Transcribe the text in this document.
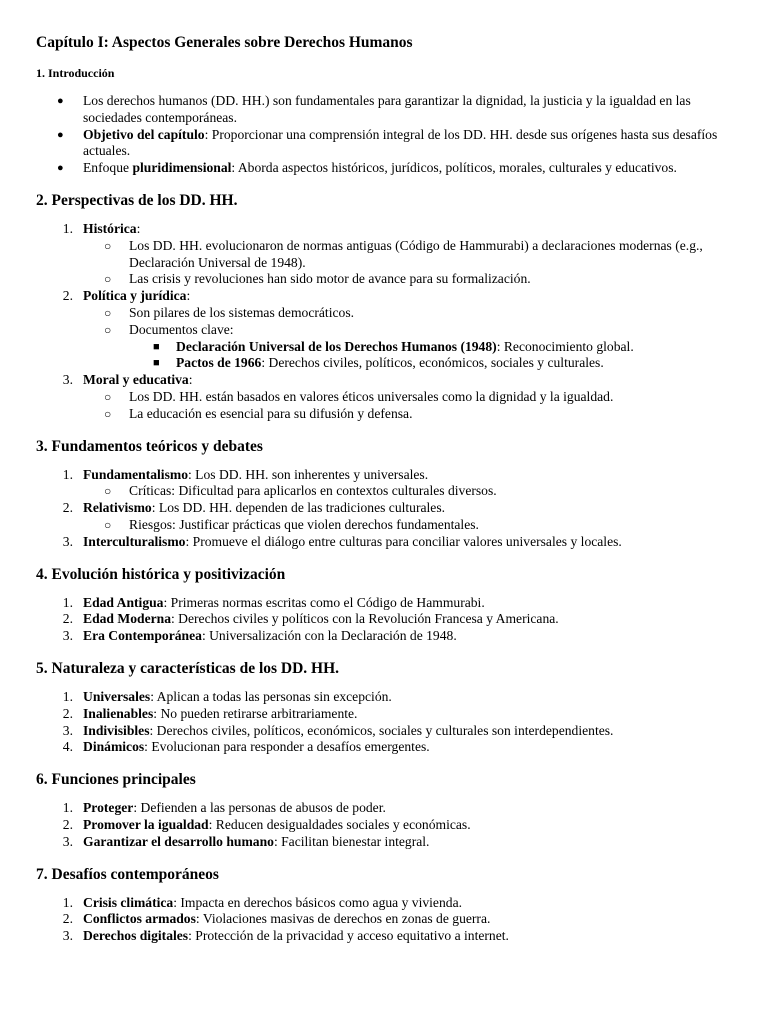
Capítulo I: Aspectos Generales sobre Derechos Humanos
1. Introducción
● Los derechos humanos (DD. HH.) son fundamentales para garantizar la dignidad, la justicia y la igualdad en las sociedades contemporáneas.
● Objetivo del capítulo: Proporcionar una comprensión integral de los DD. HH. desde sus orígenes hasta sus desafíos actuales.
● Enfoque pluridimensional: Aborda aspectos históricos, jurídicos, políticos, morales, culturales y educativos.
2. Perspectivas de los DD. HH.
1. Histórica:
○ Los DD. HH. evolucionaron de normas antiguas (Código de Hammurabi) a declaraciones modernas (e.g., Declaración Universal de 1948).
○ Las crisis y revoluciones han sido motor de avance para su formalización.
2. Política y jurídica:
○ Son pilares de los sistemas democráticos.
○ Documentos clave:
■ Declaración Universal de los Derechos Humanos (1948): Reconocimiento global.
■ Pactos de 1966: Derechos civiles, políticos, económicos, sociales y culturales.
3. Moral y educativa:
○ Los DD. HH. están basados en valores éticos universales como la dignidad y la igualdad.
○ La educación es esencial para su difusión y defensa.
3. Fundamentos teóricos y debates
1. Fundamentalismo: Los DD. HH. son inherentes y universales.
○ Críticas: Dificultad para aplicarlos en contextos culturales diversos.
2. Relativismo: Los DD. HH. dependen de las tradiciones culturales.
○ Riesgos: Justificar prácticas que violen derechos fundamentales.
3. Interculturalismo: Promueve el diálogo entre culturas para conciliar valores universales y locales.
4. Evolución histórica y positivización
1. Edad Antigua: Primeras normas escritas como el Código de Hammurabi.
2. Edad Moderna: Derechos civiles y políticos con la Revolución Francesa y Americana.
3. Era Contemporánea: Universalización con la Declaración de 1948.
5. Naturaleza y características de los DD. HH.
1. Universales: Aplican a todas las personas sin excepción.
2. Inalienables: No pueden retirarse arbitrariamente.
3. Indivisibles: Derechos civiles, políticos, económicos, sociales y culturales son interdependientes.
4. Dinámicos: Evolucionan para responder a desafíos emergentes.
6. Funciones principales
1. Proteger: Defienden a las personas de abusos de poder.
2. Promover la igualdad: Reducen desigualdades sociales y económicas.
3. Garantizar el desarrollo humano: Facilitan bienestar integral.
7. Desafíos contemporáneos
1. Crisis climática: Impacta en derechos básicos como agua y vivienda.
2. Conflictos armados: Violaciones masivas de derechos en zonas de guerra.
3. Derechos digitales: Protección de la privacidad y acceso equitativo a internet.
